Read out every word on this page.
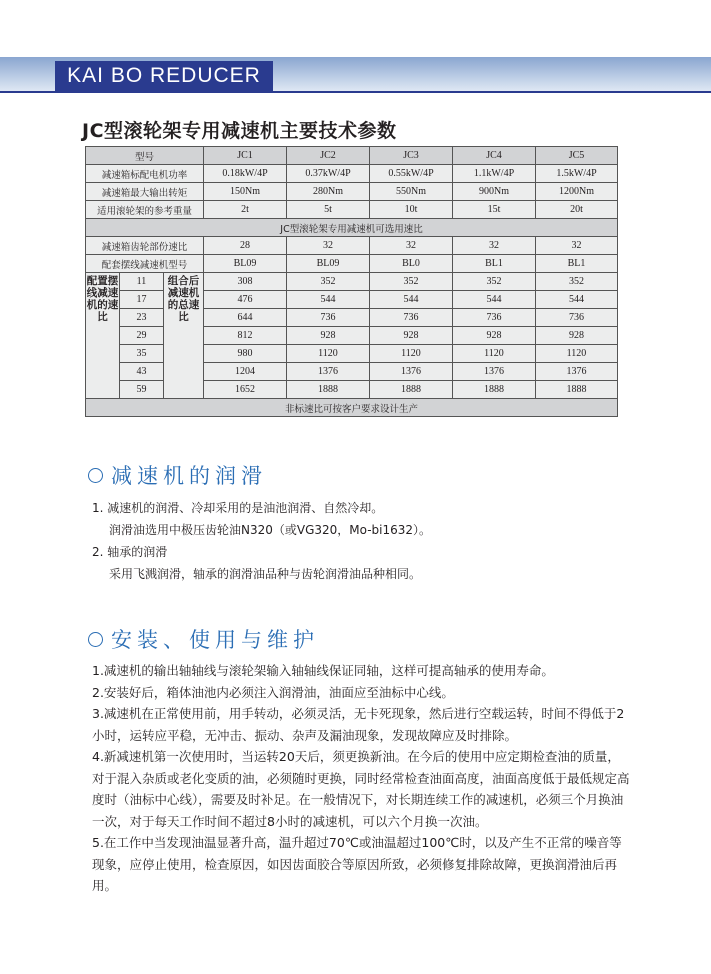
KAI BO REDUCER
JC型滚轮架专用减速机主要技术参数
型号			JC1	JC2	JC3	JC4	JC5
减速箱标配电机功率			0.18kW/4P	0.37kW/4P	0.55kW/4P	1.1kW/4P	1.5kW/4P
减速箱最大输出转矩			150Nm	280Nm	550Nm	900Nm	1200Nm
适用滚轮架的参考重量			2t	5t	10t	15t	20t
JC型滚轮架专用减速机可选用速比							
减速箱齿轮部份速比			28	32	32	32	32
配套摆线减速机型号			BL09	BL09	BL0	BL1	BL1
配置摆线减速机的速比	11	组合后减速机的总速比	308	352	352	352	352
	17		476	544	544	544	544
	23		644	736	736	736	736
	29		812	928	928	928	928
	35		980	1120	1120	1120	1120
	43		1204	1376	1376	1376	1376
	59		1652	1888	1888	1888	1888
非标速比可按客户要求设计生产							
减速机的润滑
1. 减速机的润滑、冷却采用的是油池润滑、自然冷却。
润滑油选用中极压齿轮油N320（或VG320，Mo-bi1632）。
2. 轴承的润滑
采用飞溅润滑，轴承的润滑油品种与齿轮润滑油品种相同。
安装、使用与维护

1.减速机的输出轴轴线与滚轮架输入轴轴线保证同轴，这样可提高轴承的使用寿命。

2.安装好后，箱体油池内必须注入润滑油，油面应至油标中心线。

3.减速机在正常使用前，用手转动，必须灵活，无卡死现象，然后进行空载运转，时间不得低于2小时，运转应平稳，无冲击、振动、杂声及漏油现象，发现故障应及时排除。

4.新减速机第一次使用时，当运转20天后，须更换新油。在今后的使用中应定期检查油的质量，对于混入杂质或老化变质的油，必须随时更换，同时经常检查油面高度，油面高度低于最低规定高度时（油标中心线），需要及时补足。在一般情况下，对长期连续工作的减速机，必须三个月换油一次，对于每天工作时间不超过8小时的减速机，可以六个月换一次油。

5.在工作中当发现油温显著升高，温升超过70℃或油温超过100℃时，以及产生不正常的噪音等现象，应停止使用，检查原因，如因齿面胶合等原因所致，必须修复排除故障，更换润滑油后再用。
